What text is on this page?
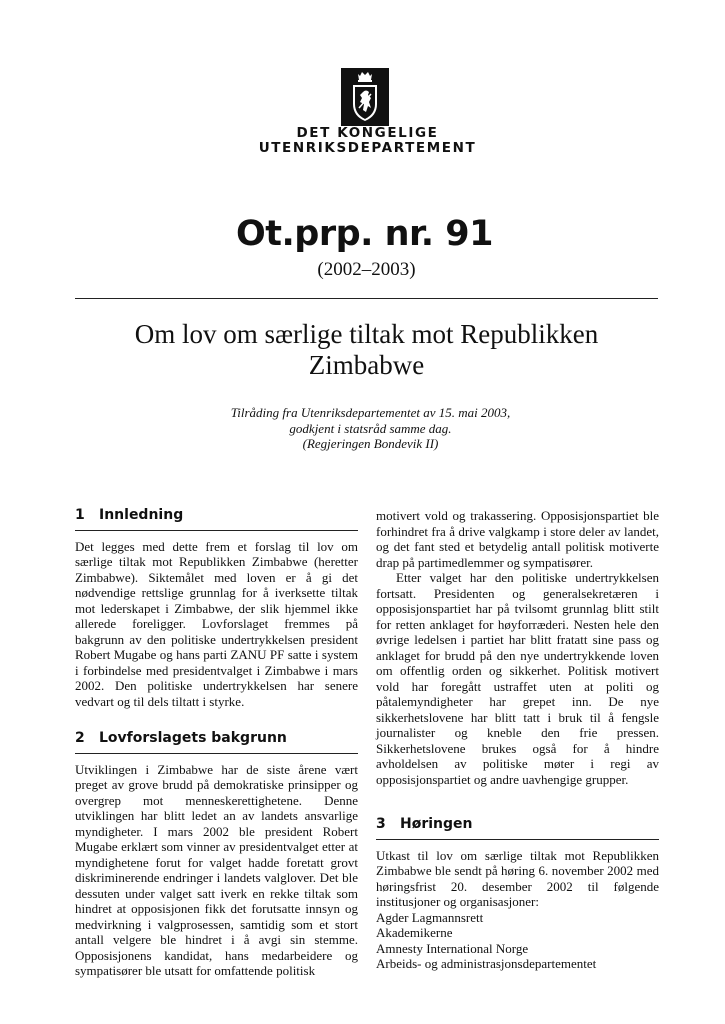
DET KONGELIGE
UTENRIKSDEPARTEMENT
Ot.prp. nr. 91
(2002–2003)
Om lov om særlige tiltak mot Republikken Zimbabwe
Tilråding fra Utenriksdepartementet av 15. mai 2003,
godkjent i statsråd samme dag.
(Regjeringen Bondevik II)
1 Innledning

Det legges med dette frem et forslag til lov om særlige tiltak mot Republikken Zimbabwe (heretter Zimbabwe). Siktemålet med loven er å gi det nødvendige rettslige grunnlag for å iverksette tiltak mot lederskapet i Zimbabwe, der slik hjemmel ikke allerede foreligger. Lovforslaget fremmes på bakgrunn av den politiske undertrykkelsen president Robert Mugabe og hans parti ZANU PF satte i system i forbindelse med presidentvalget i Zimbabwe i mars 2002. Den politiske undertrykkelsen har senere vedvart og til dels tiltatt i styrke.

2 Lovforslagets bakgrunn

Utviklingen i Zimbabwe har de siste årene vært preget av grove brudd på demokratiske prinsipper og overgrep mot menneskerettighetene. Denne utviklingen har blitt ledet an av landets ansvarlige myndigheter. I mars 2002 ble president Robert Mugabe erklært som vinner av presidentvalget etter at myndighetene forut for valget hadde foretatt grovt diskriminerende endringer i landets valglover. Det ble dessuten under valget satt iverk en rekke tiltak som hindret at opposisjonen fikk det forutsatte innsyn og medvirkning i valgprosessen, samtidig som et stort antall velgere ble hindret i å avgi sin stemme. Opposisjonens kandidat, hans medarbeidere og sympatisører ble utsatt for omfattende politisk

motivert vold og trakassering. Opposisjonspartiet ble forhindret fra å drive valgkamp i store deler av landet, og det fant sted et betydelig antall politisk motiverte drap på partimedlemmer og sympatisører.

Etter valget har den politiske undertrykkelsen fortsatt. Presidenten og generalsekretæren i opposisjonspartiet har på tvilsomt grunnlag blitt stilt for retten anklaget for høyforræderi. Nesten hele den øvrige ledelsen i partiet har blitt fratatt sine pass og anklaget for brudd på den nye undertrykkende loven om offentlig orden og sikkerhet. Politisk motivert vold har foregått ustraffet uten at politi og påtalemyndigheter har grepet inn. De nye sikkerhetslovene har blitt tatt i bruk til å fengsle journalister og kneble den frie pressen. Sikkerhetslovene brukes også for å hindre avholdelsen av politiske møter i regi av opposisjonspartiet og andre uavhengige grupper.

3 Høringen

Utkast til lov om særlige tiltak mot Republikken Zimbabwe ble sendt på høring 6. november 2002 med høringsfrist 20. desember 2002 til følgende institusjoner og organisasjoner:

Agder Lagmannsrett
Akademikerne
Amnesty International Norge
Arbeids- og administrasjonsdepartementet
